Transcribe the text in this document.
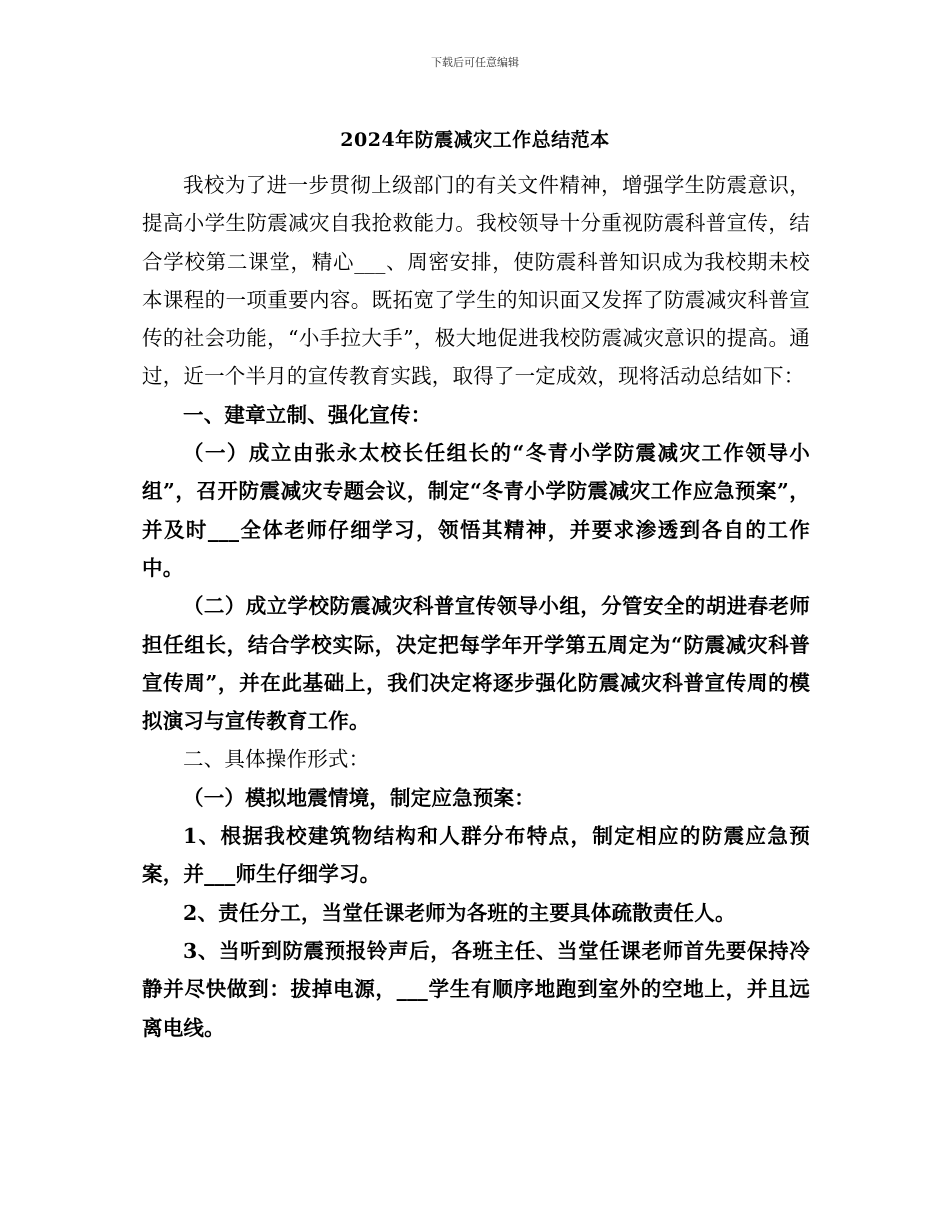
下载后可任意编辑
2024年防震减灾工作总结范本

我校为了进一步贯彻上级部门的有关文件精神，增强学生防震意识，提高小学生防震减灾自我抢救能力。我校领导十分重视防震科普宣传，结合学校第二课堂，精心___、周密安排，使防震科普知识成为我校期未校本课程的一项重要内容。既拓宽了学生的知识面又发挥了防震减灾科普宣传的社会功能，“小手拉大手”，极大地促进我校防震减灾意识的提高。通过，近一个半月的宣传教育实践，取得了一定成效，现将活动总结如下：

一、建章立制、强化宣传：

（一）成立由张永太校长任组长的“冬青小学防震减灾工作领导小组”，召开防震减灾专题会议，制定“冬青小学防震减灾工作应急预案”，并及时___全体老师仔细学习，领悟其精神，并要求渗透到各自的工作中。

（二）成立学校防震减灾科普宣传领导小组，分管安全的胡进春老师担任组长，结合学校实际，决定把每学年开学第五周定为“防震减灾科普宣传周”，并在此基础上，我们决定将逐步强化防震减灾科普宣传周的模拟演习与宣传教育工作。

二、具体操作形式：

（一）模拟地震情境，制定应急预案：

1、根据我校建筑物结构和人群分布特点，制定相应的防震应急预案，并___师生仔细学习。

2、责任分工，当堂任课老师为各班的主要具体疏散责任人。

3、当听到防震预报铃声后，各班主任、当堂任课老师首先要保持冷静并尽快做到：拔掉电源，___学生有顺序地跑到室外的空地上，并且远离电线。
